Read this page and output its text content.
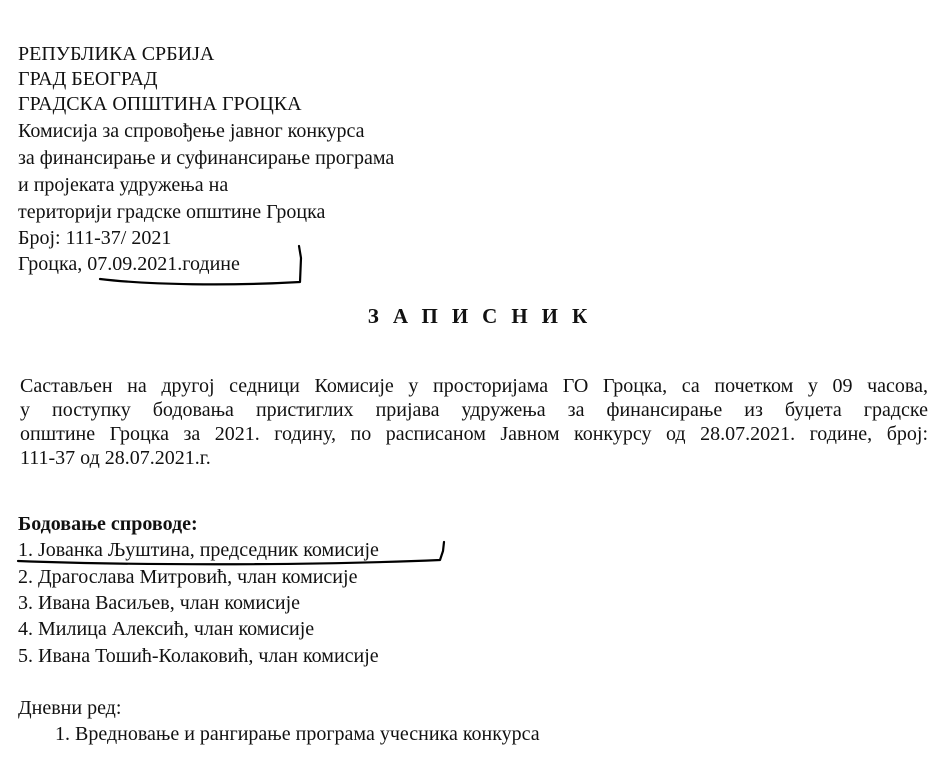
РЕПУБЛИКА СРБИЈА
ГРАД БЕОГРАД
ГРАДСКА ОПШТИНА ГРОЦКА
Комисија за спровођење јавног конкурса
за финансирање и суфинансирање програма
и пројеката удружења на
територији градске општине Гроцка
Број: 111-37/ 2021
Гроцка, 07.09.2021.године
ЗАПИСНИК
Састављен на другој седници Комисије у просторијама ГО Гроцка, са почетком у 09 часова,
у поступку бодовања пристиглих пријава удружења за финансирање из буџета градске
општине Гроцка за 2021. годину, по расписаном Јавном конкурсу од 28.07.2021. године, број:
111-37 од 28.07.2021.г.
Бодовање спроводе:
1. Јованка Љуштина, председник комисије
2. Драгослава Митровић, члан комисије
3. Ивана Васиљев, члан комисије
4. Милица Алексић, члан комисије
5. Ивана Тошић-Колаковић, члан комисије
Дневни ред:
1. Вредновање и рангирање програма учесника конкурса
